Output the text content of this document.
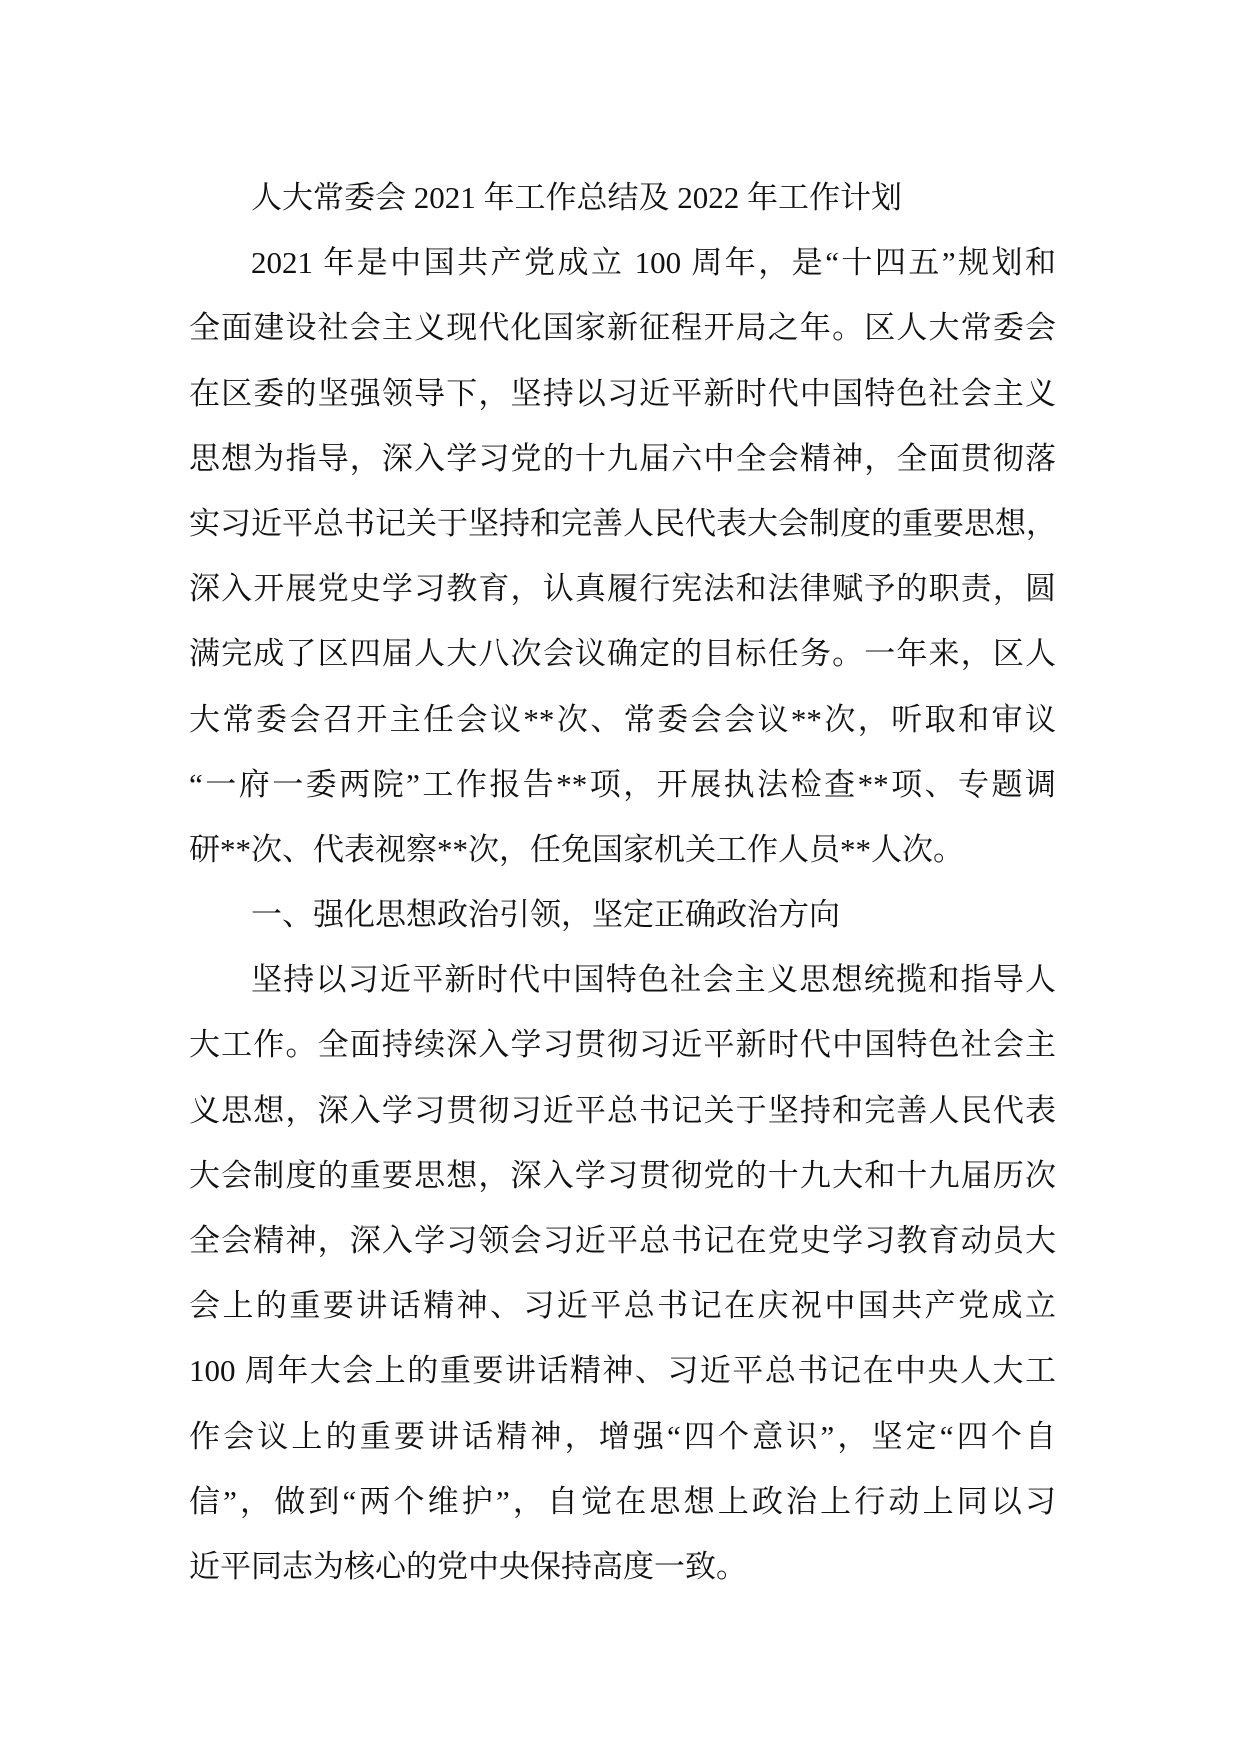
人大常委会 2021 年工作总结及 2022 年工作计划
2021 年是中国共产党成立 100 周年，是“十四五”规划和
全面建设社会主义现代化国家新征程开局之年。区人大常委会
在区委的坚强领导下，坚持以习近平新时代中国特色社会主义
思想为指导，深入学习党的十九届六中全会精神，全面贯彻落
实习近平总书记关于坚持和完善人民代表大会制度的重要思想，
深入开展党史学习教育，认真履行宪法和法律赋予的职责，圆
满完成了区四届人大八次会议确定的目标任务。一年来，区人
大常委会召开主任会议**次、常委会会议**次，听取和审议
“一府一委两院”工作报告**项，开展执法检查**项、专题调
研**次、代表视察**次，任免国家机关工作人员**人次。
一、强化思想政治引领，坚定正确政治方向
坚持以习近平新时代中国特色社会主义思想统揽和指导人
大工作。全面持续深入学习贯彻习近平新时代中国特色社会主
义思想，深入学习贯彻习近平总书记关于坚持和完善人民代表
大会制度的重要思想，深入学习贯彻党的十九大和十九届历次
全会精神，深入学习领会习近平总书记在党史学习教育动员大
会上的重要讲话精神、习近平总书记在庆祝中国共产党成立
100 周年大会上的重要讲话精神、习近平总书记在中央人大工
作会议上的重要讲话精神，增强“四个意识”，坚定“四个自
信”，做到“两个维护”，自觉在思想上政治上行动上同以习
近平同志为核心的党中央保持高度一致。
